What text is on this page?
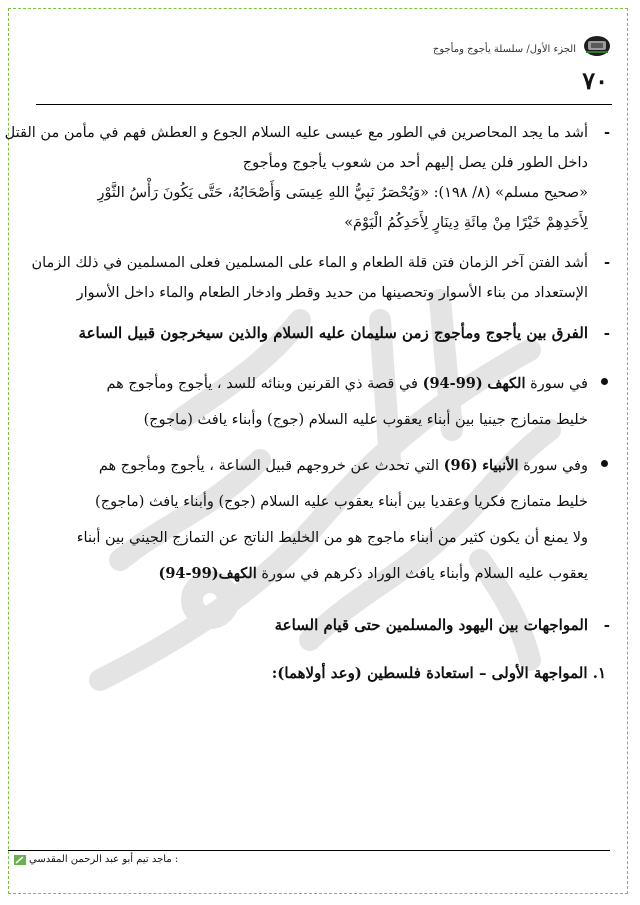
الجزء الأول/ سلسلة يأجوج ومأجوج
٧٠
-
أشد ما يجد المحاصرين في الطور مع عيسى عليه السلام الجوع و العطش فهم في مأمن من القتل
داخل الطور فلن يصل إليهم أحد من شعوب يأجوج ومأجوج
«صحيح مسلم» (٨/ ١٩٨): «وَيُحْصَرُ نَبِيُّ اللهِ عِيسَى وَأَصْحَابُهُ، حَتَّى يَكُونَ رَأْسُ الثَّوْرِ
لِأَحَدِهِمْ خَيْرًا مِنْ مِائَةِ دِينَارٍ لِأَحَدِكُمُ الْيَوْمَ»
-
أشد الفتن آخر الزمان فتن قلة الطعام و الماء على المسلمين فعلى المسلمين في ذلك الزمان
الإستعداد من بناء الأسوار وتحصينها من حديد وقطر وادخار الطعام والماء داخل الأسوار
-
الفرق بين يأجوج ومأجوج زمن سليمان عليه السلام والذين سيخرجون قبيل الساعة
في سورة الكهف (99-94) في قصة ذي القرنين وبنائه للسد ، يأجوج ومأجوج هم
خليط متمازج جينيا بين أبناء يعقوب عليه السلام (جوج) وأبناء يافث (ماجوج)
وفي سورة الأنبياء (96) التي تحدث عن خروجهم قبيل الساعة ، يأجوج ومأجوج هم
خليط متمازج فكريا وعقديا بين أبناء يعقوب عليه السلام (جوج) وأبناء يافث (ماجوج)
ولا يمنع أن يكون كثير من أبناء ماجوج هو من الخليط الناتج عن التمازج الجيني بين أبناء
يعقوب عليه السلام وأبناء يافث الوراد ذكرهم في سورة الكهف(99-94)
-
المواجهات بين اليهود والمسلمين حتى قيام الساعة
١. المواجهة الأولى – استعادة فلسطين (وعد أولاهما):
: ماجد تيم أبو عبد الرحمن المقدسي
